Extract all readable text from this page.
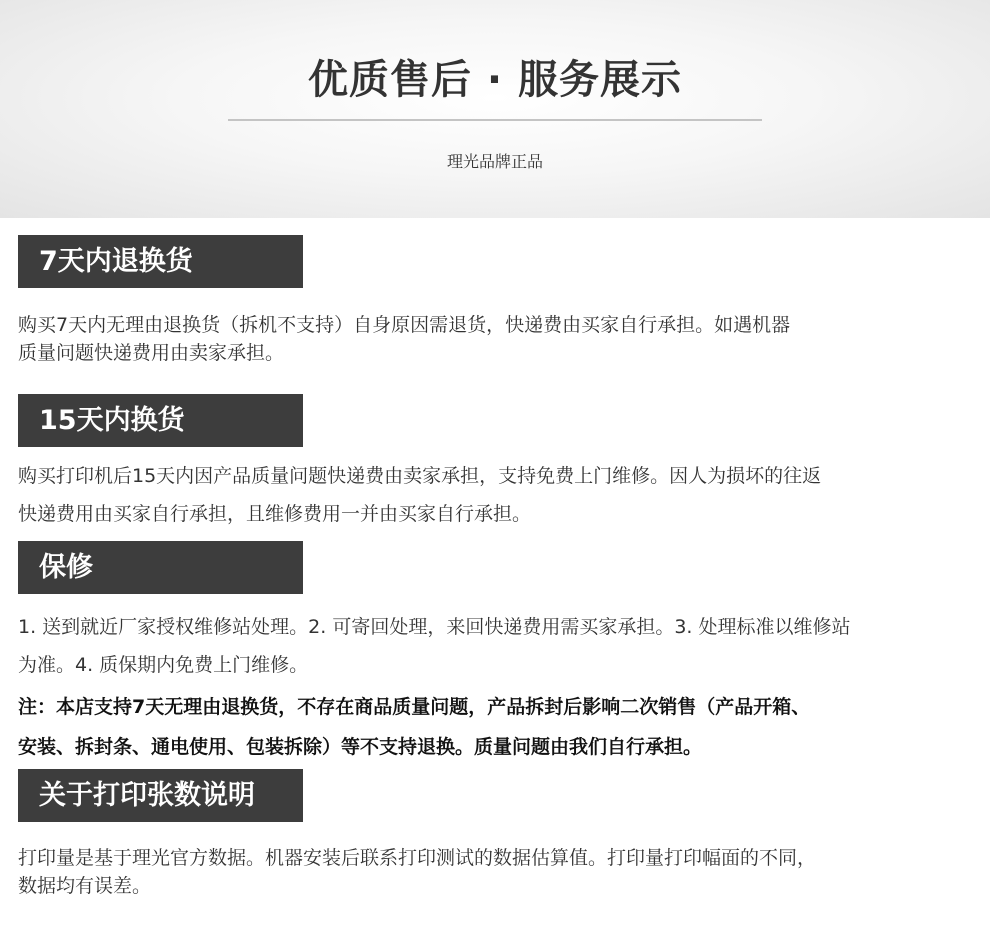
优质售后 · 服务展示
理光品牌正品
7天内退换货

购买7天内无理由退换货（拆机不支持）自身原因需退货，快递费由买家自行承担。如遇机器

质量问题快递费用由卖家承担。

15天内换货

购买打印机后15天内因产品质量问题快递费由卖家承担，支持免费上门维修。因人为损坏的往返

快递费用由买家自行承担，且维修费用一并由买家自行承担。

保修

1. 送到就近厂家授权维修站处理。2. 可寄回处理，来回快递费用需买家承担。3. 处理标准以维修站

为准。4. 质保期内免费上门维修。

注：本店支持7天无理由退换货，不存在商品质量问题，产品拆封后影响二次销售（产品开箱、

安装、拆封条、通电使用、包装拆除）等不支持退换。质量问题由我们自行承担。

关于打印张数说明

打印量是基于理光官方数据。机器安装后联系打印测试的数据估算值。打印量打印幅面的不同，

数据均有误差。
